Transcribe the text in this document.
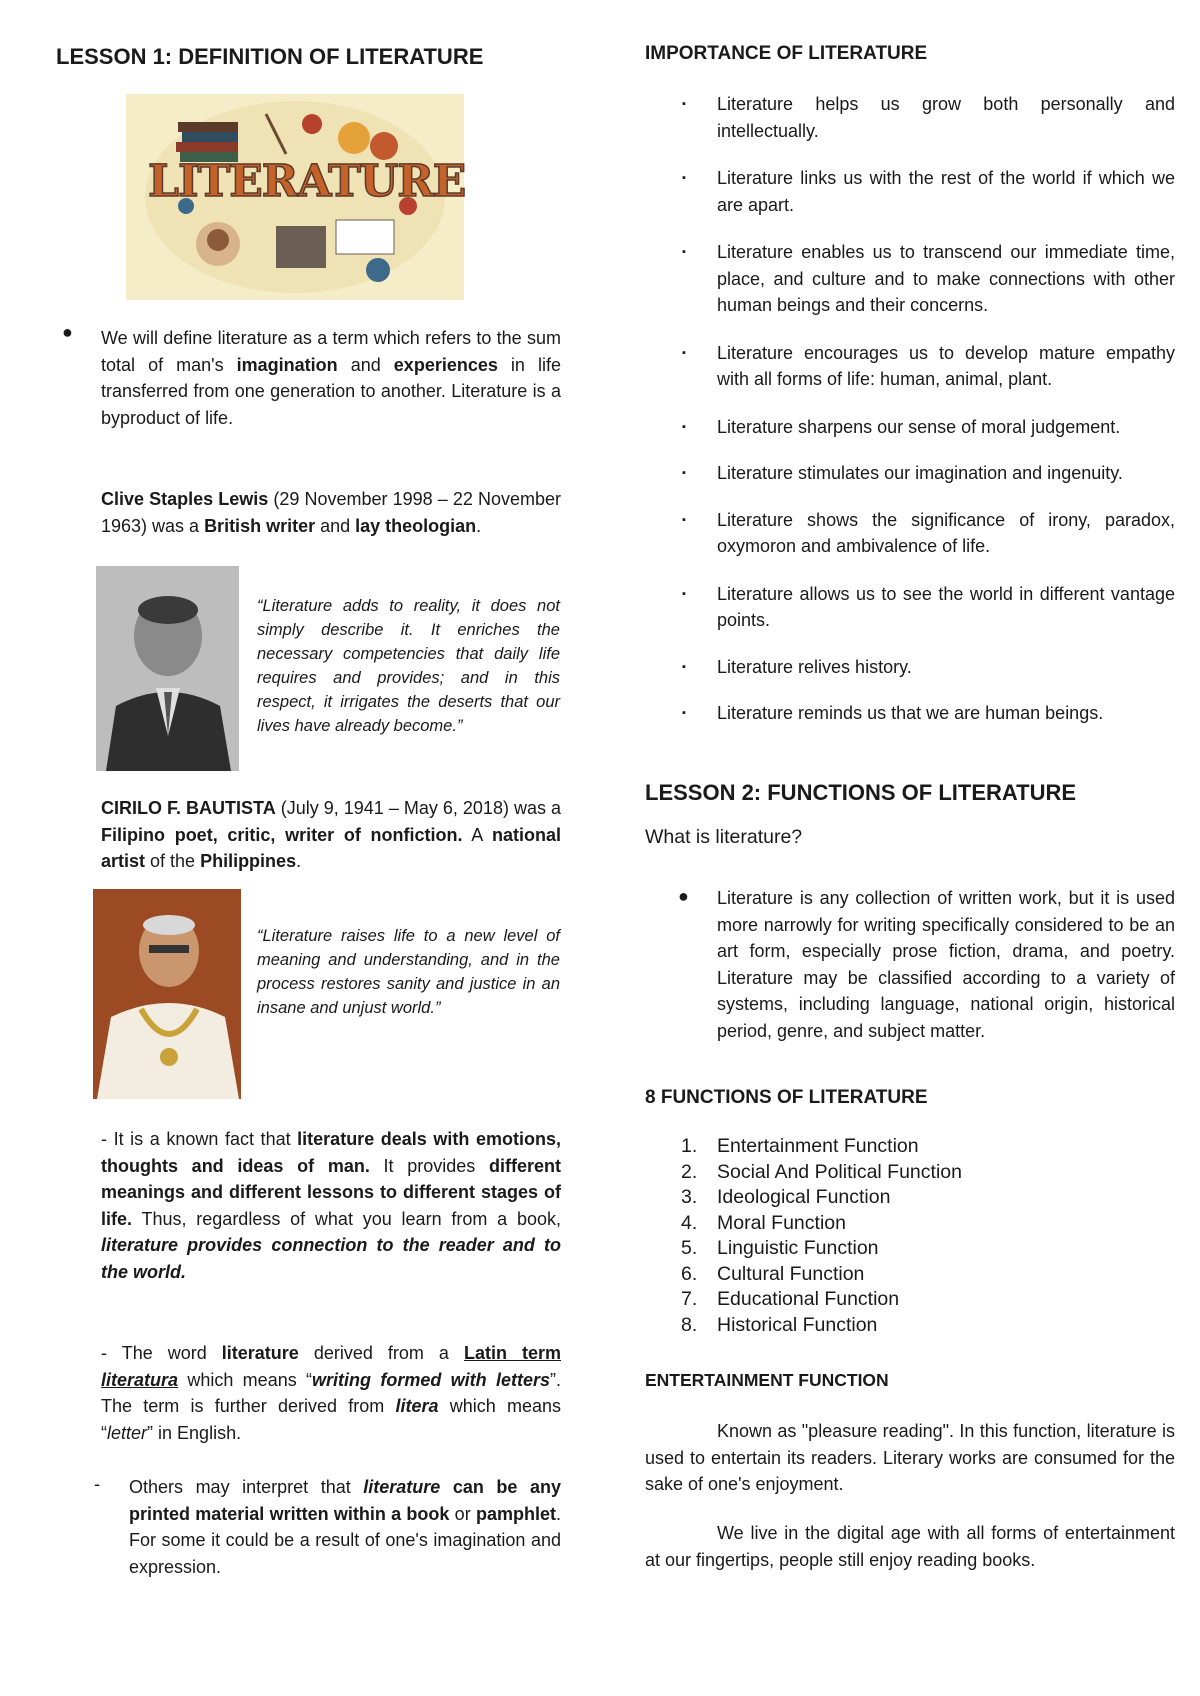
LESSON 1: DEFINITION OF LITERATURE
LITERATURE
● We will define literature as a term which refers to the sum total of man's imagination and experiences in life transferred from one generation to another. Literature is a byproduct of life.

Clive Staples Lewis (29 November 1998 – 22 November 1963) was a British writer and lay theologian.

“Literature adds to reality, it does not simply describe it. It enriches the necessary competencies that daily life requires and provides; and in this respect, it irrigates the deserts that our lives have already become.”

CIRILO F. BAUTISTA (July 9, 1941 – May 6, 2018) was a Filipino poet, critic, writer of nonfiction. A national artist of the Philippines.

“Literature raises life to a new level of meaning and understanding, and in the process restores sanity and justice in an insane and unjust world.”

- It is a known fact that literature deals with emotions, thoughts and ideas of man. It provides different meanings and different lessons to different stages of life. Thus, regardless of what you learn from a book, literature provides connection to the reader and to the world.

- The word literature derived from a Latin term literatura which means “writing formed with letters”. The term is further derived from litera which means “letter” in English.

- Others may interpret that literature can be any printed material written within a book or pamphlet. For some it could be a result of one's imagination and expression.

IMPORTANCE OF LITERATURE
▪ Literature helps us grow both personally and intellectually.
▪ Literature links us with the rest of the world if which we are apart.
▪ Literature enables us to transcend our immediate time, place, and culture and to make connections with other human beings and their concerns.
▪ Literature encourages us to develop mature empathy with all forms of life: human, animal, plant.
▪ Literature sharpens our sense of moral judgement.
▪ Literature stimulates our imagination and ingenuity.
▪ Literature shows the significance of irony, paradox, oxymoron and ambivalence of life.
▪ Literature allows us to see the world in different vantage points.
▪ Literature relives history.
▪ Literature reminds us that we are human beings.
LESSON 2: FUNCTIONS OF LITERATURE
What is literature?
● Literature is any collection of written work, but it is used more narrowly for writing specifically considered to be an art form, especially prose fiction, drama, and poetry. Literature may be classified according to a variety of systems, including language, national origin, historical period, genre, and subject matter.

8 FUNCTIONS OF LITERATURE
1. Entertainment Function
2. Social And Political Function
3. Ideological Function
4. Moral Function
5. Linguistic Function
6. Cultural Function
7. Educational Function
8. Historical Function
ENTERTAINMENT FUNCTION

Known as "pleasure reading". In this function, literature is used to entertain its readers. Literary works are consumed for the sake of one's enjoyment.

We live in the digital age with all forms of entertainment at our fingertips, people still enjoy reading books.
